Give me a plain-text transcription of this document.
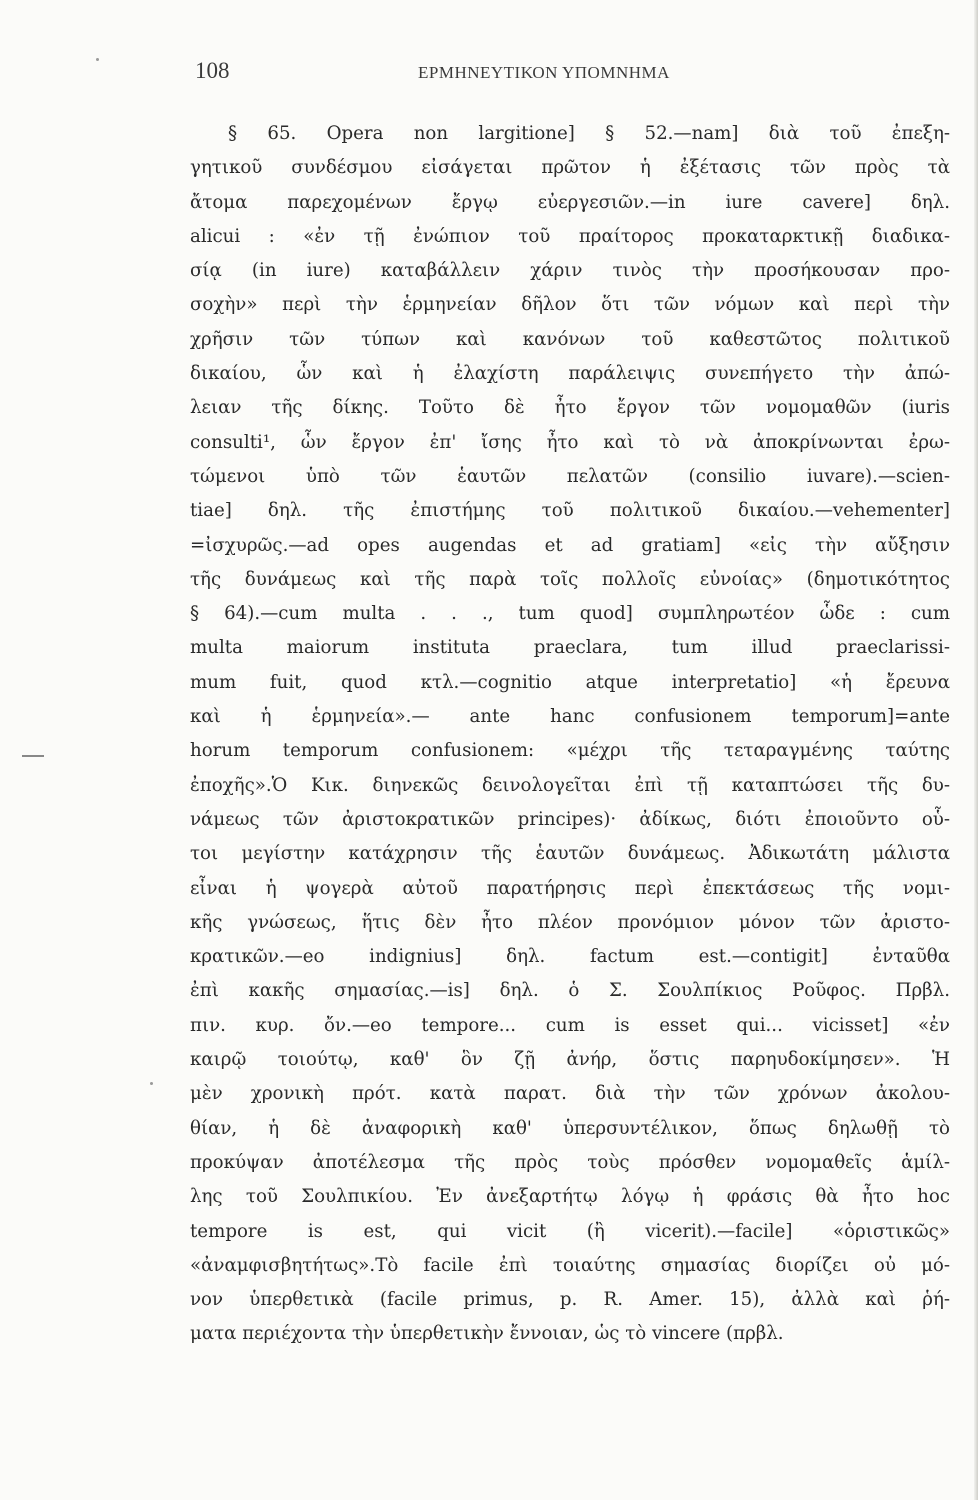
108	ΕΡΜΗΝΕΥΤΙΚΟΝ ΥΠΟΜΝΗΜΑ
§ 65. Opera non largitione] § 52.—nam] διὰ τοῦ ἐπεξη-
γητικοῦ συνδέσμου εἰσάγεται πρῶτον ἡ ἐξέτασις τῶν πρὸς τὰ
ἄτομα παρεχομένων ἔργῳ εὐεργεσιῶν.—in iure cavere] δηλ.
alicui : «ἐν τῇ ἐνώπιον τοῦ πραίτορος προκαταρκτικῇ διαδικα-
σίᾳ (in iure) καταβάλλειν χάριν τινὸς τὴν προσήκουσαν προ-
σοχὴν» περὶ τὴν ἑρμηνείαν δῆλον ὅτι τῶν νόμων καὶ περὶ τὴν
χρῆσιν τῶν τύπων καὶ κανόνων τοῦ καθεστῶτος πολιτικοῦ
δικαίου, ὧν καὶ ἡ ἐλαχίστη παράλειψις συνεπήγετο τὴν ἀπώ-
λειαν τῆς δίκης. Τοῦτο δὲ ἦτο ἔργον τῶν νομομαθῶν (iuris
consulti¹, ὧν ἔργον ἐπ' ἴσης ἦτο καὶ τὸ νὰ ἀποκρίνωνται ἐρω-
τώμενοι ὑπὸ τῶν ἑαυτῶν πελατῶν (consilio iuvare).—scien-
tiae] δηλ. τῆς ἐπιστήμης τοῦ πολιτικοῦ δικαίου.—vehementer]
=ἰσχυρῶς.—ad opes augendas et ad gratiam] «εἰς τὴν αὔξησιν
τῆς δυνάμεως καὶ τῆς παρὰ τοῖς πολλοῖς εὐνοίας» (δημοτικότητος
§ 64).—cum multa . . ., tum quod] συμπληρωτέον ὧδε : cum
multa maiorum instituta praeclara, tum illud praeclarissi-
mum fuit, quod κτλ.—cognitio atque interpretatio] «ἡ ἔρευνα
καὶ ἡ ἑρμηνεία».— ante hanc confusionem temporum]=ante
horum temporum confusionem: «μέχρι τῆς τεταραγμένης ταύτης
ἐποχῆς».Ὁ Κικ. διηνεκῶς δεινολογεῖται ἐπὶ τῇ καταπτώσει τῆς δυ-
νάμεως τῶν ἀριστοκρατικῶν principes)· ἀδίκως, διότι ἐποιοῦντο οὗ-
τοι μεγίστην κατάχρησιν τῆς ἑαυτῶν δυνάμεως. Ἀδικωτάτη μάλιστα
εἶναι ἡ ψογερὰ αὐτοῦ παρατήρησις περὶ ἐπεκτάσεως τῆς νομι-
κῆς γνώσεως, ἥτις δὲν ἦτο πλέον προνόμιον μόνον τῶν ἀριστο-
κρατικῶν.—eo indignius] δηλ. factum est.—contigit] ἐνταῦθα
ἐπὶ κακῆς σημασίας.—is] δηλ. ὁ Σ. Σουλπίκιος Ροῦφος. Πρβλ.
πιν. κυρ. ὄν.—eo tempore... cum is esset qui... vicisset] «ἐν
καιρῷ τοιούτῳ, καθ' ὃν ζῇ ἀνήρ, ὅστις παρηυδοκίμησεν». Ἡ
μὲν χρονικὴ πρότ. κατὰ παρατ. διὰ τὴν τῶν χρόνων ἀκολου-
θίαν, ἡ δὲ ἀναφορικὴ καθ' ὑπερσυντέλικον, ὅπως δηλωθῇ τὸ
προκύψαν ἀποτέλεσμα τῆς πρὸς τοὺς πρόσθεν νομομαθεῖς ἁμίλ-
λης τοῦ Σουλπικίου. Ἐν ἀνεξαρτήτῳ λόγῳ ἡ φράσις θὰ ἦτο hoc
tempore is est, qui vicit (ἢ vicerit).—facile] «ὁριστικῶς»
«ἀναμφισβητήτως».Τὸ facile ἐπὶ τοιαύτης σημασίας διορίζει οὐ μό-
νον ὑπερθετικὰ (facile primus, p. R. Amer. 15), ἀλλὰ καὶ ῥή-
ματα περιέχοντα τὴν ὑπερθετικὴν ἔννοιαν, ὡς τὸ vincere (πρβλ.
